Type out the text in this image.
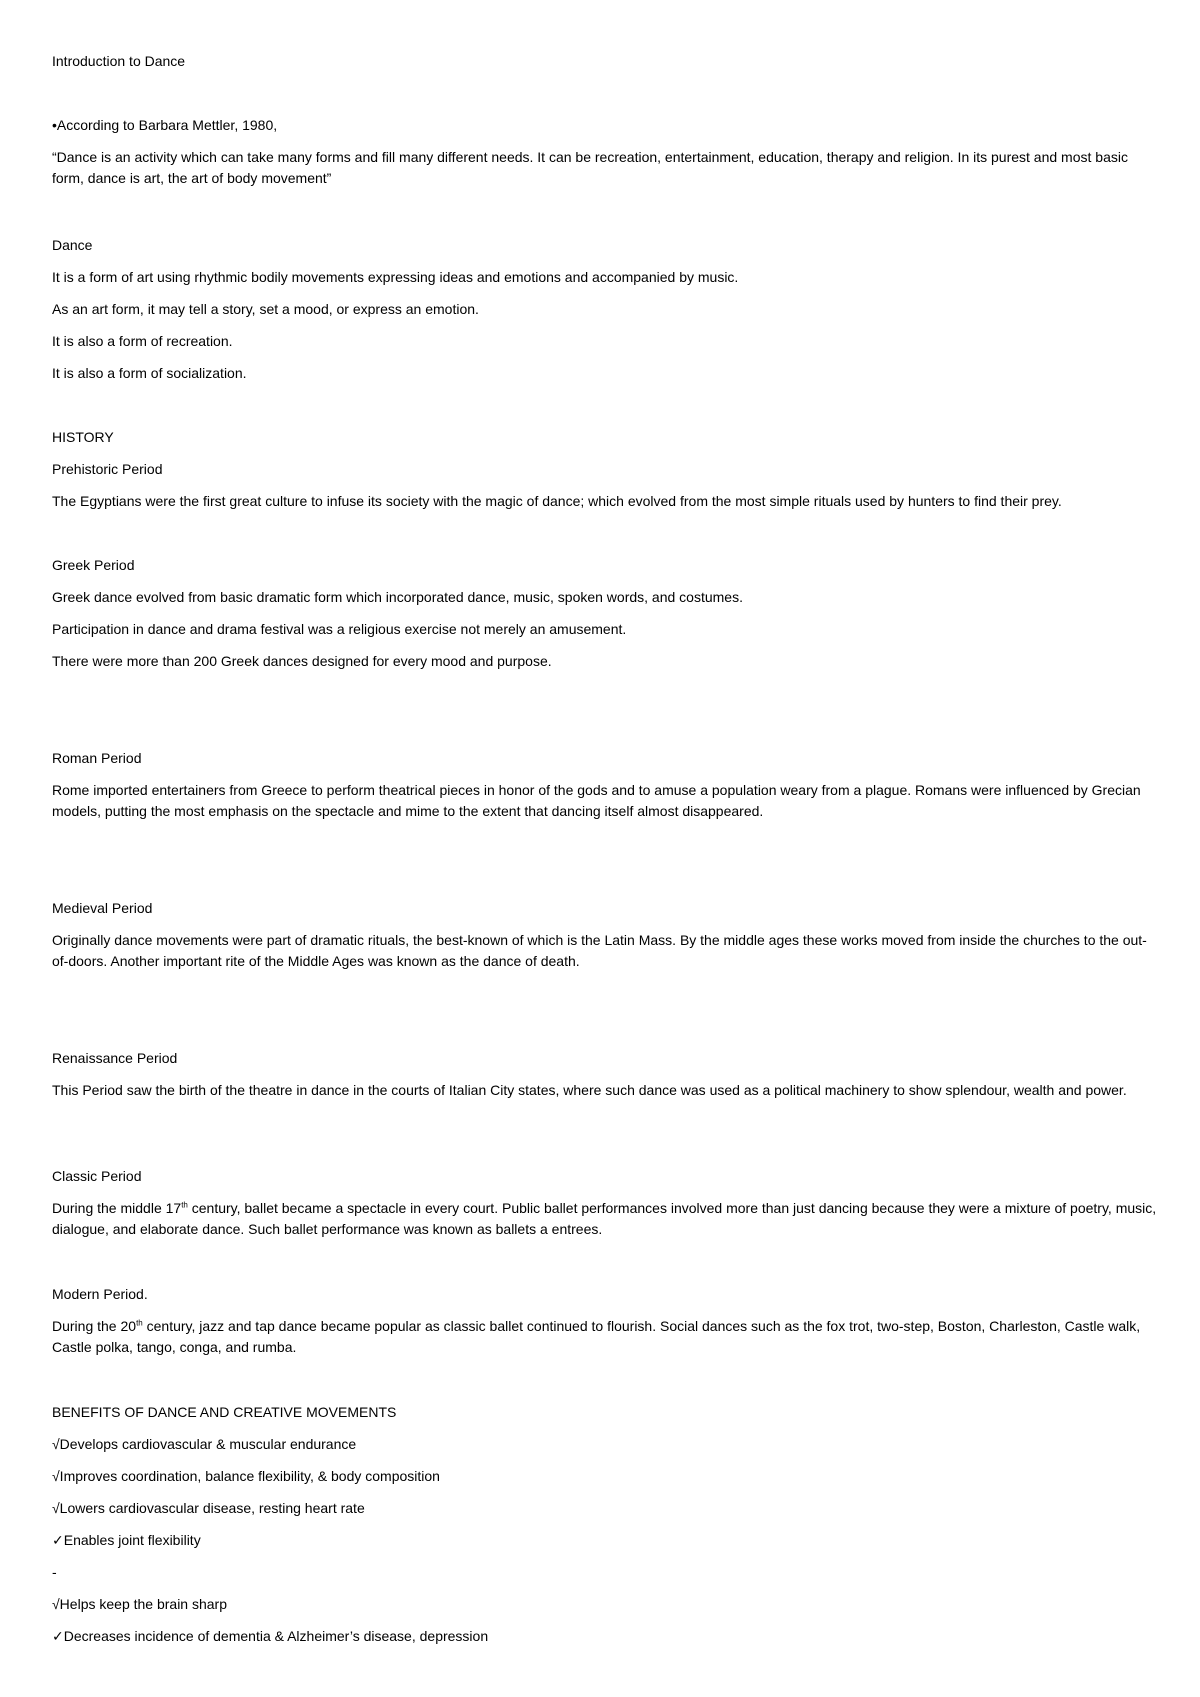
Introduction to Dance

•According to Barbara Mettler, 1980,

“Dance is an activity which can take many forms and fill many different needs. It can be recreation, entertainment, education, therapy and religion. In its purest and most basic form, dance is art, the art of body movement”

Dance

It is a form of art using rhythmic bodily movements expressing ideas and emotions and accompanied by music.

As an art form, it may tell a story, set a mood, or express an emotion.

It is also a form of recreation.

It is also a form of socialization.

HISTORY

Prehistoric Period

The Egyptians were the first great culture to infuse its society with the magic of dance; which evolved from the most simple rituals used by hunters to find their prey.

Greek Period

Greek dance evolved from basic dramatic form which incorporated dance, music, spoken words, and costumes.

Participation in dance and drama festival was a religious exercise not merely an amusement.

There were more than 200 Greek dances designed for every mood and purpose.

Roman Period

Rome imported entertainers from Greece to perform theatrical pieces in honor of the gods and to amuse a population weary from a plague. Romans were influenced by Grecian models, putting the most emphasis on the spectacle and mime to the extent that dancing itself almost disappeared.

Medieval Period

Originally dance movements were part of dramatic rituals, the best-known of which is the Latin Mass. By the middle ages these works moved from inside the churches to the out-of-doors. Another important rite of the Middle Ages was known as the dance of death.

Renaissance Period

This Period saw the birth of the theatre in dance in the courts of Italian City states, where such dance was used as a political machinery to show splendour, wealth and power.

Classic Period

During the middle 17th century, ballet became a spectacle in every court. Public ballet performances involved more than just dancing because they were a mixture of poetry, music, dialogue, and elaborate dance. Such ballet performance was known as ballets a entrees.

Modern Period.

During the 20th century, jazz and tap dance became popular as classic ballet continued to flourish. Social dances such as the fox trot, two-step, Boston, Charleston, Castle walk, Castle polka, tango, conga, and rumba.

BENEFITS OF DANCE AND CREATIVE MOVEMENTS

√Develops cardiovascular & muscular endurance

√Improves coordination, balance flexibility, & body composition

√Lowers cardiovascular disease, resting heart rate

✓Enables joint flexibility

-

√Helps keep the brain sharp

✓Decreases incidence of dementia & Alzheimer’s disease, depression
